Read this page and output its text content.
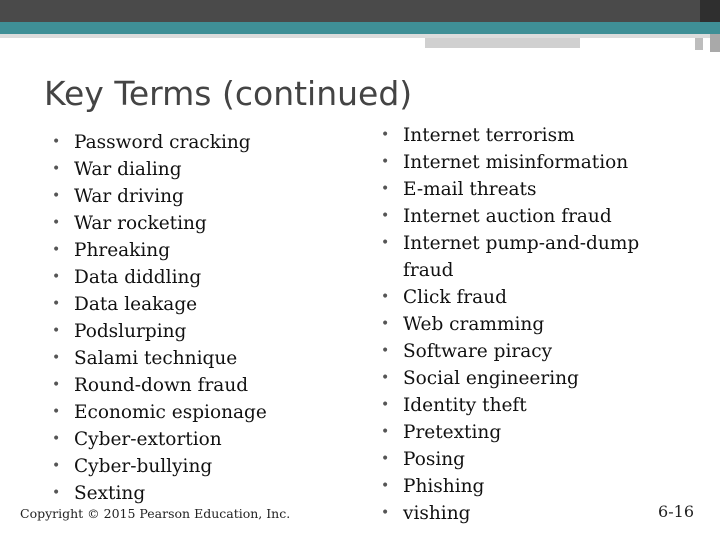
Key Terms (continued)
• Password cracking
• War dialing
• War driving
• War rocketing
• Phreaking
• Data diddling
• Data leakage
• Podslurping
• Salami technique
• Round-down fraud
• Economic espionage
• Cyber-extortion
• Cyber-bullying
• Sexting
• Internet terrorism
• Internet misinformation
• E-mail threats
• Internet auction fraud
• Internet pump-and-dump fraud
• Click fraud
• Web cramming
• Software piracy
• Social engineering
• Identity theft
• Pretexting
• Posing
• Phishing
• vishing
Copyright © 2015 Pearson Education, Inc.	6-16
